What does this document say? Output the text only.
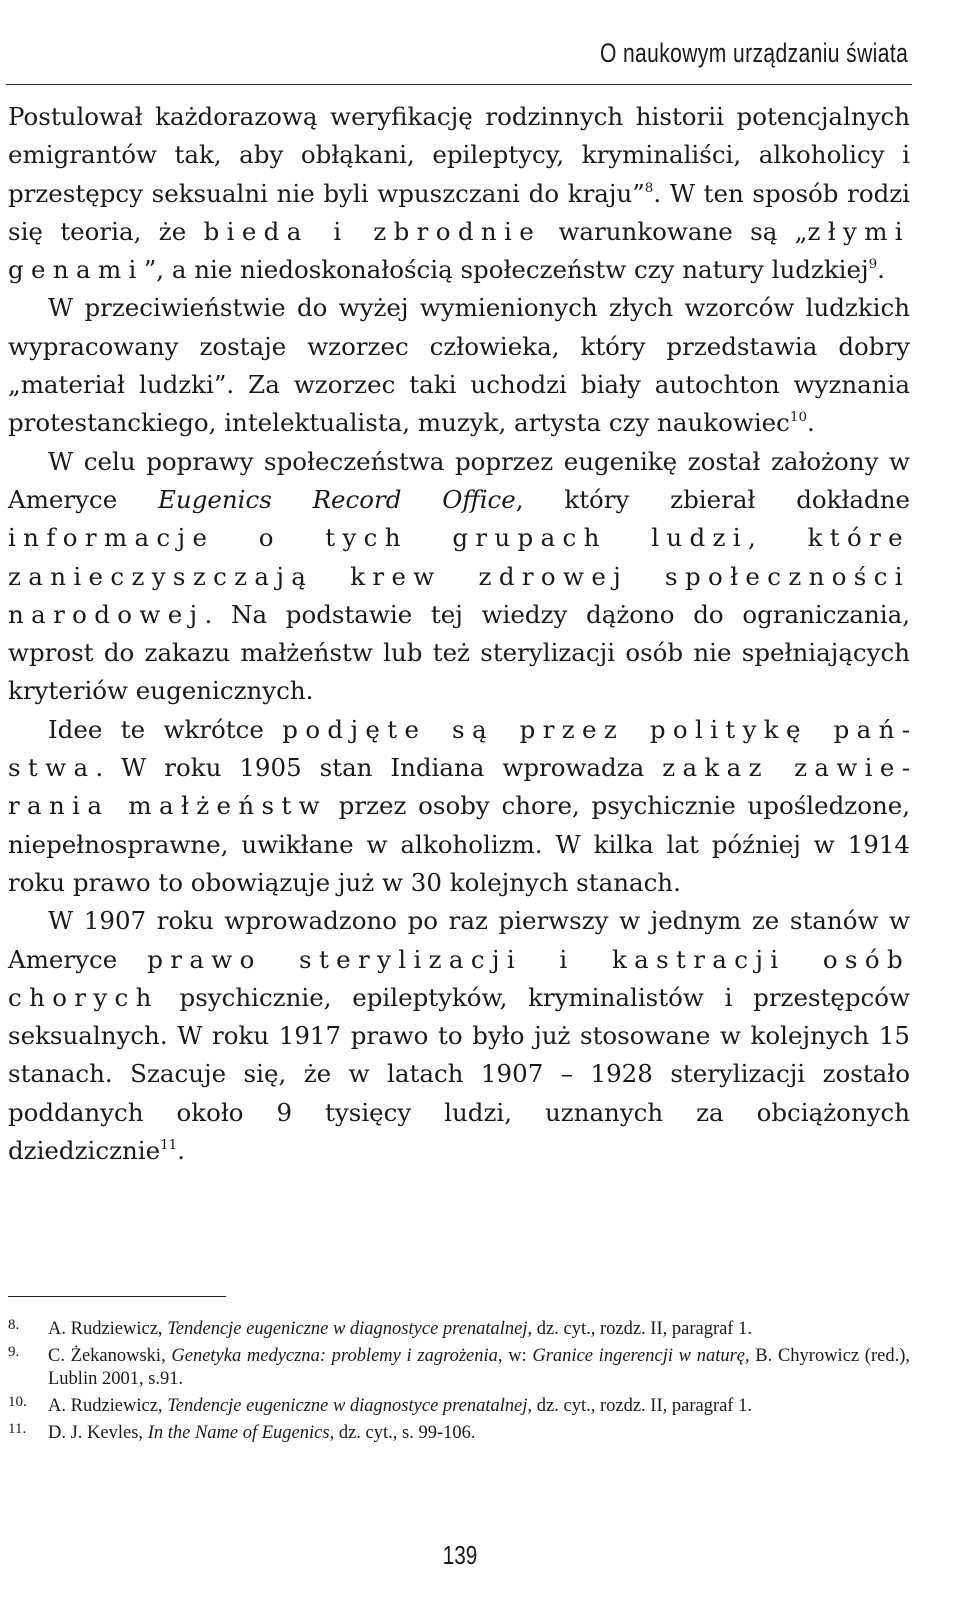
O naukowym urządzaniu świata

Postulował każdorazową weryfikację rodzinnych historii potencjalnych emigrantów tak, aby obłąkani, epileptycy, kryminaliści, alkoholicy i przestępcy seksualni nie byli wpuszczani do kraju”$^8$. W ten sposób rodzi się teoria, że bieda i zbrodnie warunkowane są „złymi genami”, a nie niedoskonałością społeczeństw czy natury ludzkiej$^9$.

W przeciwieństwie do wyżej wymienionych złych wzorców ludzkich wypracowany zostaje wzorzec człowieka, który przedstawia dobry „materiał ludzki”. Za wzorzec taki uchodzi biały autochton wyznania protestanckiego, intelektualista, muzyk, artysta czy naukowiec$^{10}$.

W celu poprawy społeczeństwa poprzez eugenikę został założony w Ameryce Eugenics Record Office, który zbierał dokładne informacje o tych grupach ludzi, które zanieczyszczają krew zdrowej społeczności narodowej. Na podstawie tej wiedzy dążono do ograniczania, wprost do zakazu małżeństw lub też sterylizacji osób nie spełniających kryteriów eugenicznych.

Idee te wkrótce podjęte są przez politykę państwa. W roku 1905 stan Indiana wprowadza zakaz zawierania małżeństw przez osoby chore, psychicznie upośledzone, niepełnosprawne, uwikłane w alkoholizm. W kilka lat później w 1914 roku prawo to obowiązuje już w 30 kolejnych stanach.

W 1907 roku wprowadzono po raz pierwszy w jednym ze stanów w Ameryce prawo sterylizacji i kastracji osób chorych psychicznie, epileptyków, kryminalistów i przestępców seksualnych. W roku 1917 prawo to było już stosowane w kolejnych 15 stanach. Szacuje się, że w latach 1907 – 1928 sterylizacji zostało poddanych około 9 tysięcy ludzi, uznanych za obciążonych dziedzicznie$^{11}$.

8. A. Rudziewicz, Tendencje eugeniczne w diagnostyce prenatalnej, dz. cyt., rozdz. II, paragraf 1.
9. C. Żekanowski, Genetyka medyczna: problemy i zagrożenia, w: Granice ingerencji w naturę, B. Chyrowicz (red.), Lublin 2001, s.91.
10. A. Rudziewicz, Tendencje eugeniczne w diagnostyce prenatalnej, dz. cyt., rozdz. II, paragraf 1.
11. D. J. Kevles, In the Name of Eugenics, dz. cyt., s. 99-106.
139
